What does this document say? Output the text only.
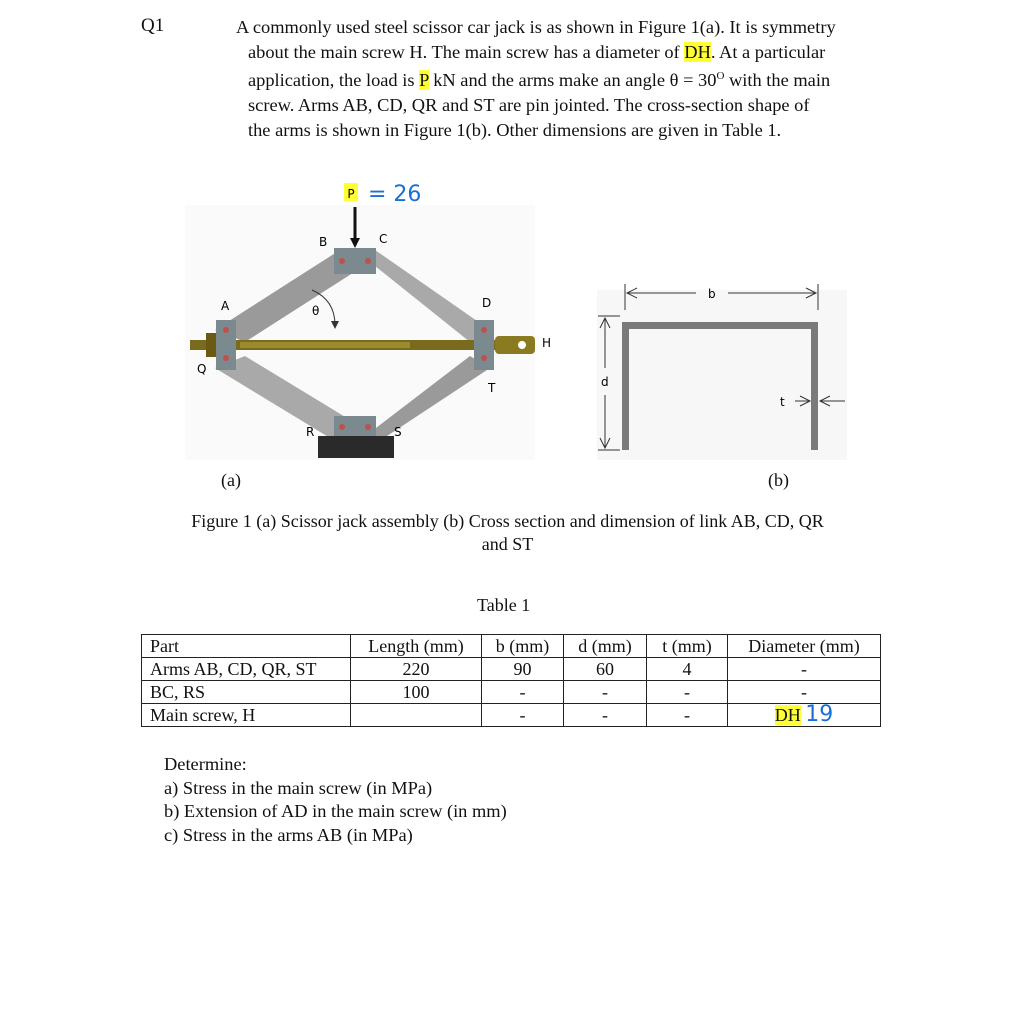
Q1	A commonly used steel scissor car jack is as shown in Figure 1(a). It is symmetry
about the main screw H. The main screw has a diameter of DH. At a particular
application, the load is P kN and the arms make an angle $\theta = 30^O$ with the main
screw. Arms AB, CD, QR and ST are pin jointed. The cross-section shape of
the arms is shown in Figure 1(b). Other dimensions are given in Table 1.
P = 26
θ
B	C
A	D
H
Q
T
R	S
b
d
t
(a)	(b)
Figure 1 (a) Scissor jack assembly (b) Cross section and dimension of link AB, CD, QR
and ST
Table 1
Part	Length (mm)	b (mm)	d (mm)	t (mm)	Diameter (mm)
Arms AB, CD, QR, ST	220	90	60	4	-
BC, RS	100	-	-	-	-
Main screw, H		-	-	-	DH 19
Determine:
a) Stress in the main screw (in MPa)
b) Extension of AD in the main screw (in mm)
c) Stress in the arms AB (in MPa)
